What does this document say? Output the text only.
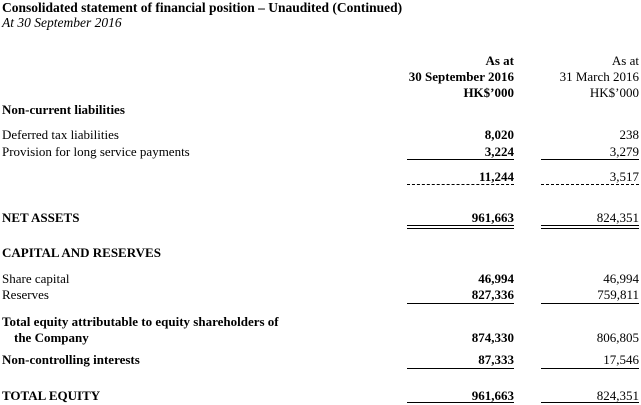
Consolidated statement of financial position – Unaudited (Continued)
At 30 September 2016
As at
30 September 2016
HK$’000
As at
31 March 2016
HK$’000
Non-current liabilities
Deferred tax liabilities	8,020	238
Provision for long service payments	3,224	3,279
11,244	3,517
NET ASSETS	961,663	824,351
CAPITAL AND RESERVES
Share capital	46,994	46,994
Reserves	827,336	759,811
Total equity attributable to equity shareholders of
the Company	874,330	806,805
Non-controlling interests	87,333	17,546
TOTAL EQUITY	961,663	824,351
